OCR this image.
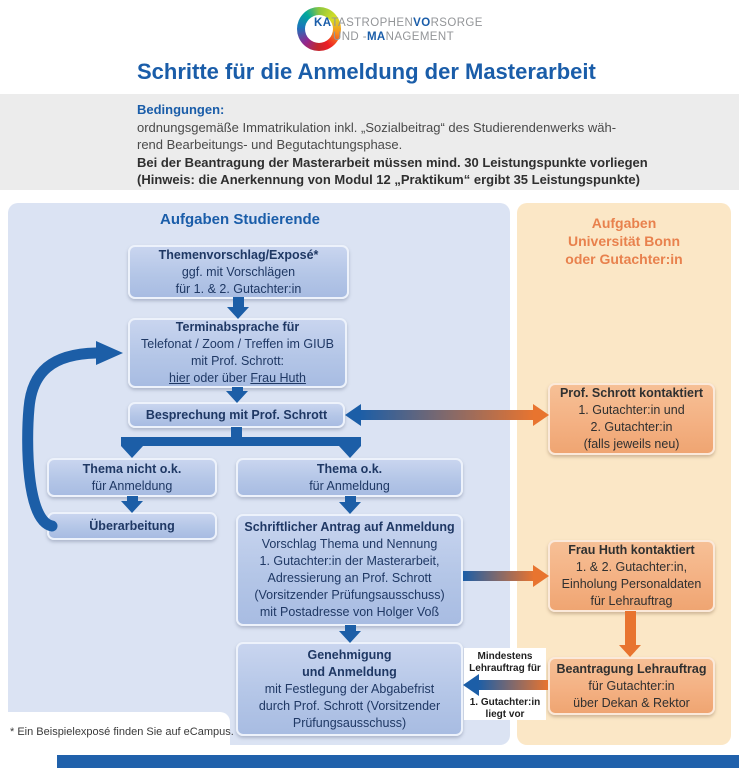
KATASTROPHENVORSORGE
UND -MANAGEMENT
Schritte für die Anmeldung der Masterarbeit
Bedingungen:
ordnungsgemäße Immatrikulation inkl. „Sozialbeitrag“ des Studierendenwerks wäh-
rend Bearbeitungs- und Begutachtungsphase.
Bei der Beantragung der Masterarbeit müssen mind. 30 Leistungspunkte vorliegen
(Hinweis: die Anerkennung von Modul 12 „Praktikum“ ergibt 35 Leistungspunkte)
* Ein Beispielexposé finden Sie auf eCampus.
Aufgaben Studierende	Aufgaben
Universität Bonn
oder Gutachter:in
Themenvorschlag/Exposé*
ggf. mit Vorschlägen
für 1. & 2. Gutachter:in
Terminabsprache für
Telefonat / Zoom / Treffen im GIUB
mit Prof. Schrott:
hier oder über Frau Huth
Besprechung mit Prof. Schrott
Thema nicht o.k.
für Anmeldung
Überarbeitung
Thema o.k.
für Anmeldung
Schriftlicher Antrag auf Anmeldung
Vorschlag Thema und Nennung
1. Gutachter:in der Masterarbeit,
Adressierung an Prof. Schrott
(Vorsitzender Prüfungsausschuss)
mit Postadresse von Holger Voß
Genehmigung
und Anmeldung
mit Festlegung der Abgabefrist
durch Prof. Schrott (Vorsitzender
Prüfungsausschuss)
Prof. Schrott kontaktiert
1. Gutachter:in und
2. Gutachter:in
(falls jeweils neu)
Frau Huth kontaktiert
1. & 2. Gutachter:in,
Einholung Personaldaten
für Lehrauftrag
Beantragung Lehrauftrag
für Gutachter:in
über Dekan & Rektor
Mindestens
Lehrauftrag für
1. Gutachter:in
liegt vor
